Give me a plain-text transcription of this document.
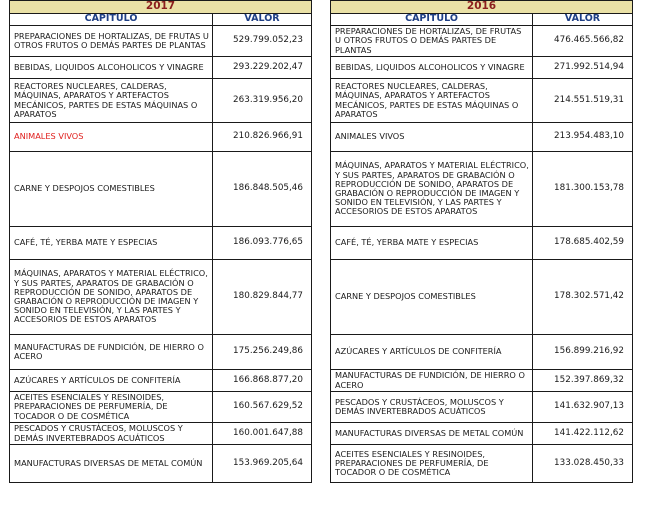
2017	
CAPITULO	VALOR
PREPARACIONES DE HORTALIZAS, DE FRUTAS U OTROS FRUTOS O DEMÁS PARTES DE PLANTAS	529.799.052,23
BEBIDAS, LIQUIDOS ALCOHOLICOS Y VINAGRE	293.229.202,47
REACTORES NUCLEARES, CALDERAS, MÁQUINAS, APARATOS Y ARTEFACTOS MECÁNICOS, PARTES DE ESTAS MÁQUINAS O APARATOS	263.319.956,20
ANIMALES VIVOS	210.826.966,91
CARNE Y DESPOJOS COMESTIBLES	186.848.505,46
CAFÉ, TÉ, YERBA MATE Y ESPECIAS	186.093.776,65
MÁQUINAS, APARATOS Y MATERIAL ELÉCTRICO, Y SUS PARTES, APARATOS DE GRABACIÓN O REPRODUCCIÓN DE SONIDO, APARATOS DE GRABACIÓN O REPRODUCCIÓN DE IMAGEN Y SONIDO EN TELEVISIÓN, Y LAS PARTES Y ACCESORIOS DE ESTOS APARATOS	180.829.844,77
MANUFACTURAS DE FUNDICIÓN, DE HIERRO O ACERO	175.256.249,86
AZÚCARES Y ARTÍCULOS DE CONFITERÍA	166.868.877,20
ACEITES ESENCIALES Y RESINOIDES, PREPARACIONES DE PERFUMERÍA, DE TOCADOR O DE COSMÉTICA	160.567.629,52
PESCADOS Y CRUSTÁCEOS, MOLUSCOS Y DEMÁS INVERTEBRADOS ACUÁTICOS	160.001.647,88
MANUFACTURAS DIVERSAS DE METAL COMÚN	153.969.205,64
2016	
CAPITULO	VALOR
PREPARACIONES DE HORTALIZAS, DE FRUTAS U OTROS FRUTOS O DEMÁS PARTES DE PLANTAS	476.465.566,82
BEBIDAS, LIQUIDOS ALCOHOLICOS Y VINAGRE	271.992.514,94
REACTORES NUCLEARES, CALDERAS, MÁQUINAS, APARATOS Y ARTEFACTOS MECÁNICOS, PARTES DE ESTAS MÁQUINAS O APARATOS	214.551.519,31
ANIMALES VIVOS	213.954.483,10
MÁQUINAS, APARATOS Y MATERIAL ELÉCTRICO, Y SUS PARTES, APARATOS DE GRABACIÓN O REPRODUCCIÓN DE SONIDO, APARATOS DE GRABACIÓN O REPRODUCCIÓN DE IMAGEN Y SONIDO EN TELEVISIÓN, Y LAS PARTES Y ACCESORIOS DE ESTOS APARATOS	181.300.153,78
CAFÉ, TÉ, YERBA MATE Y ESPECIAS	178.685.402,59
CARNE Y DESPOJOS COMESTIBLES	178.302.571,42
AZÚCARES Y ARTÍCULOS DE CONFITERÍA	156.899.216,92
MANUFACTURAS DE FUNDICIÓN, DE HIERRO O ACERO	152.397.869,32
PESCADOS Y CRUSTÁCEOS, MOLUSCOS Y DEMÁS INVERTEBRADOS ACUÁTICOS	141.632.907,13
MANUFACTURAS DIVERSAS DE METAL COMÚN	141.422.112,62
ACEITES ESENCIALES Y RESINOIDES, PREPARACIONES DE PERFUMERÍA, DE TOCADOR O DE COSMÉTICA	133.028.450,33
